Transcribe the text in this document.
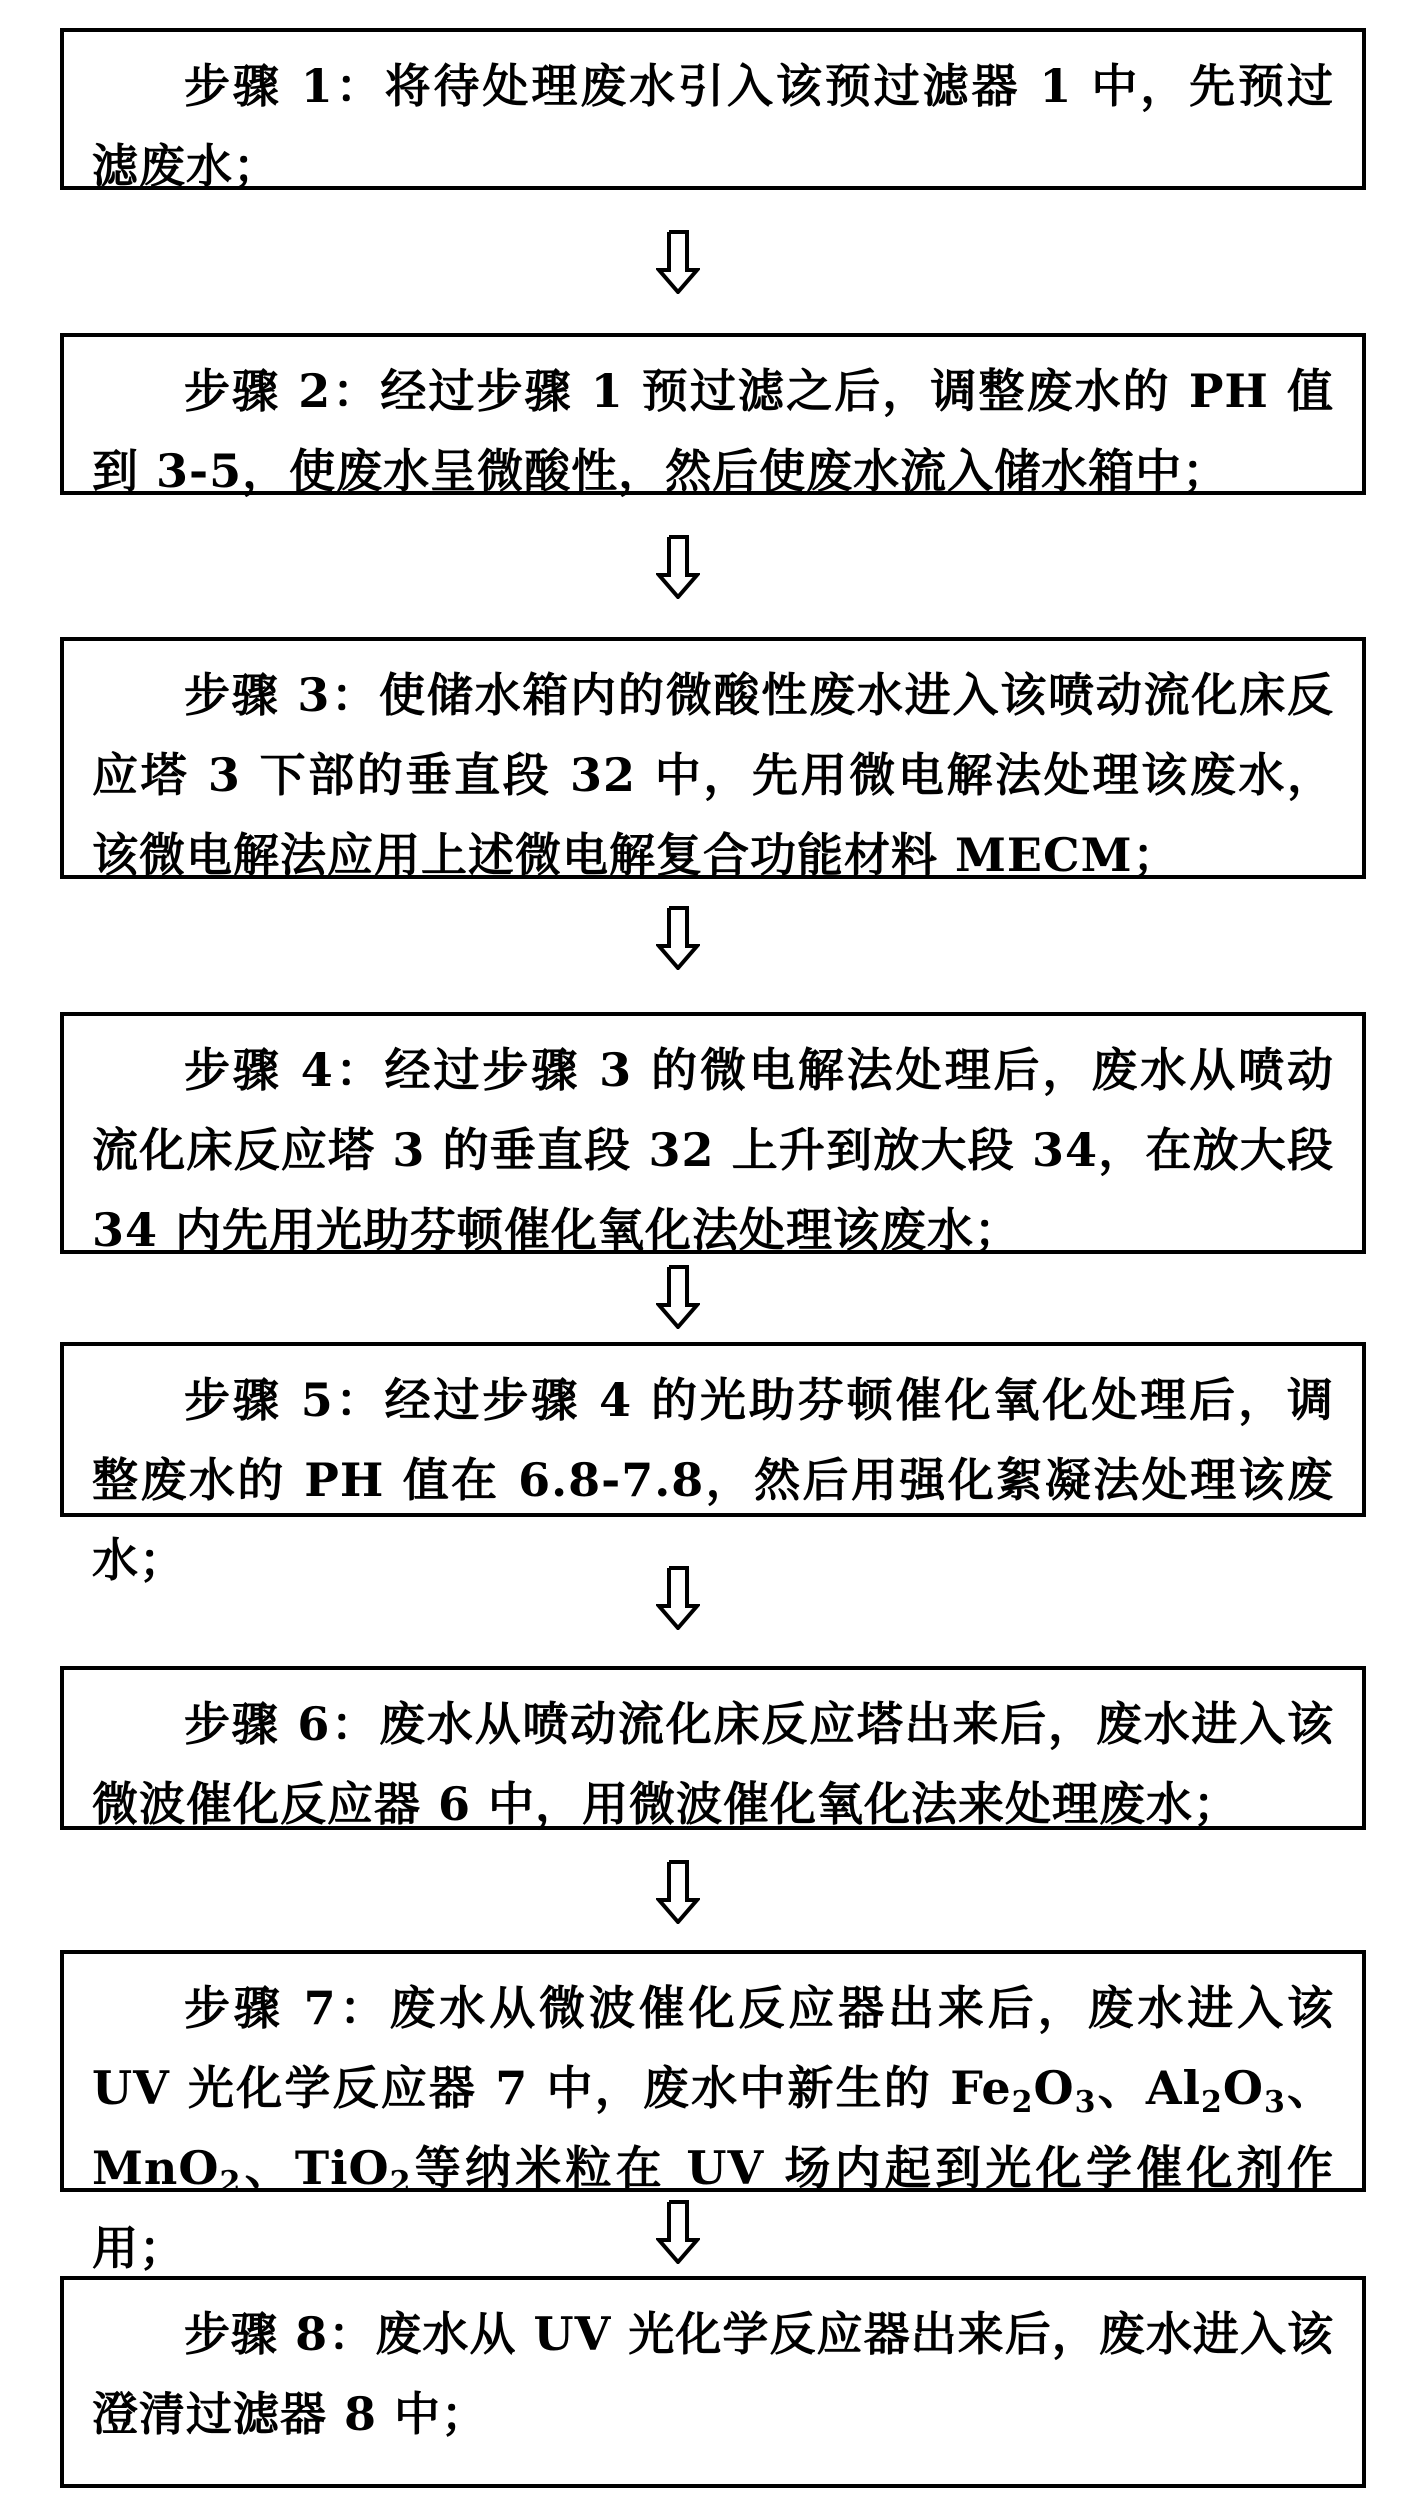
步骤 1：将待处理废水引入该预过滤器 1 中，先预过滤废水；
步骤 2：经过步骤 1 预过滤之后，调整废水的 PH 值到 3-5，使废水呈微酸性，然后使废水流入储水箱中；
步骤 3：使储水箱内的微酸性废水进入该喷动流化床反应塔 3 下部的垂直段 32 中，先用微电解法处理该废水，该微电解法应用上述微电解复合功能材料 MECM；
步骤 4：经过步骤 3 的微电解法处理后，废水从喷动流化床反应塔 3 的垂直段 32 上升到放大段 34，在放大段 34 内先用光助芬顿催化氧化法处理该废水；
步骤 5：经过步骤 4 的光助芬顿催化氧化处理后，调整废水的 PH 值在 6.8-7.8，然后用强化絮凝法处理该废水；
步骤 6：废水从喷动流化床反应塔出来后，废水进入该微波催化反应器 6 中，用微波催化氧化法来处理废水；
步骤 7：废水从微波催化反应器出来后，废水进入该 UV 光化学反应器 7 中，废水中新生的 $Fe_2O_3$、$Al_2O_3$、MnO$_2$、TiO$_2$等纳米粒在 UV 场内起到光化学催化剂作用；
步骤 8：废水从 UV 光化学反应器出来后，废水进入该澄清过滤器 8 中；
